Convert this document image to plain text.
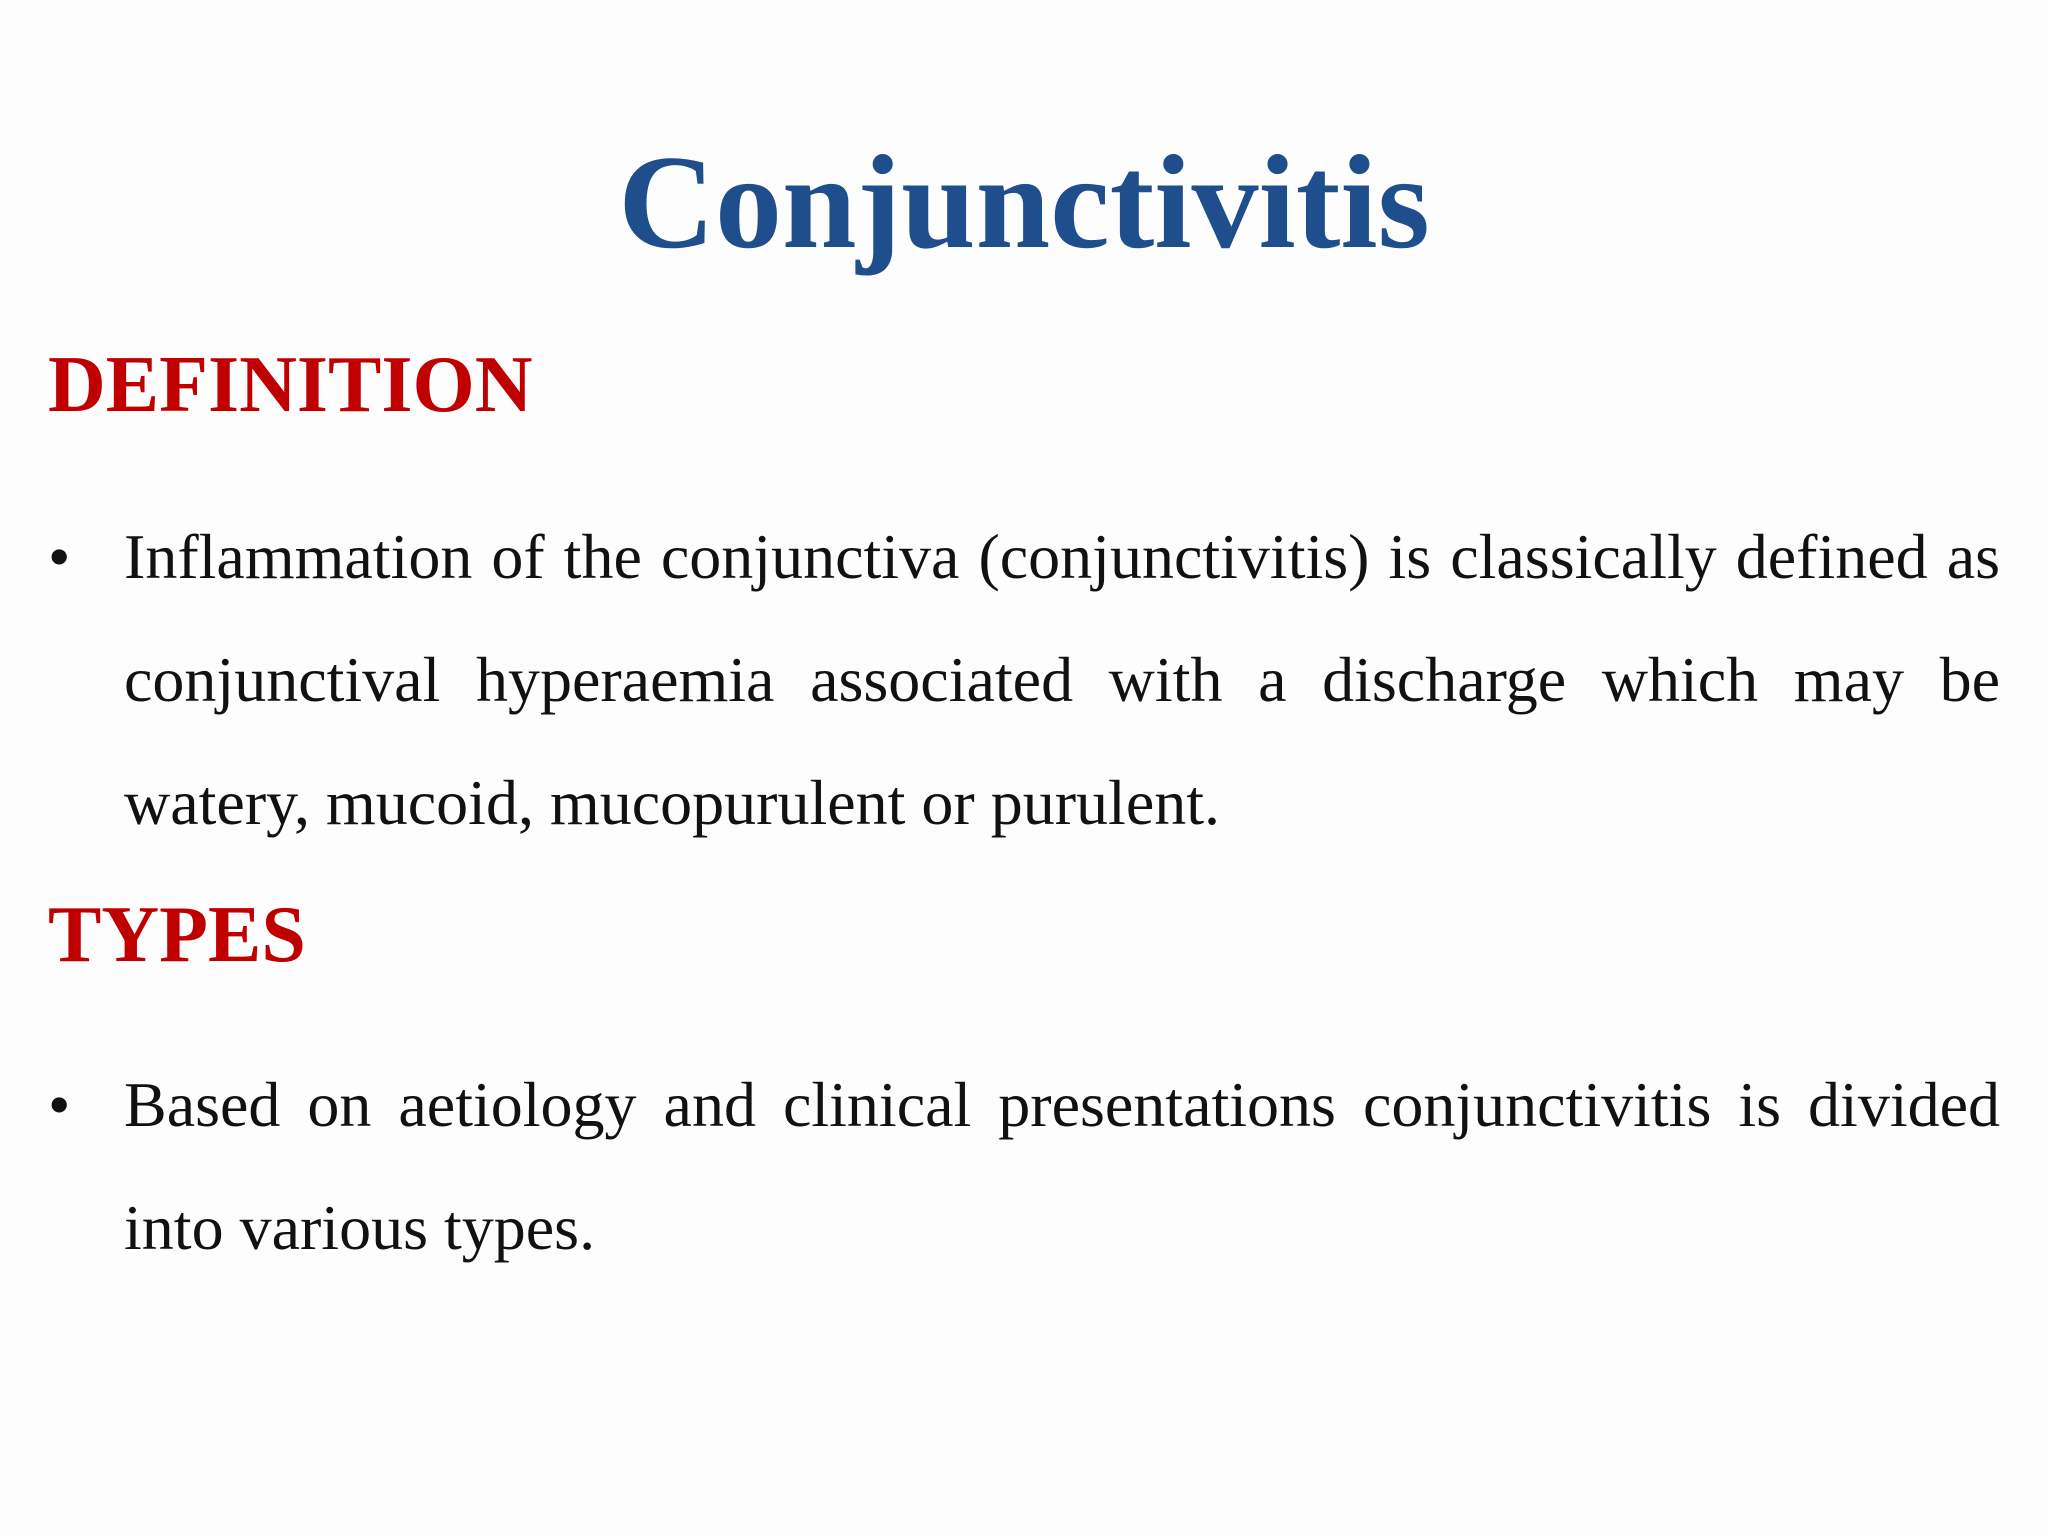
Conjunctivitis
DEFINITION
• Inflammation of the conjunctiva (conjunctivitis) is classically defined as conjunctival hyperaemia associated with a discharge which may be watery, mucoid, mucopurulent or purulent.

TYPES
• Based on aetiology and clinical presentations conjunctivitis is divided into various types.
